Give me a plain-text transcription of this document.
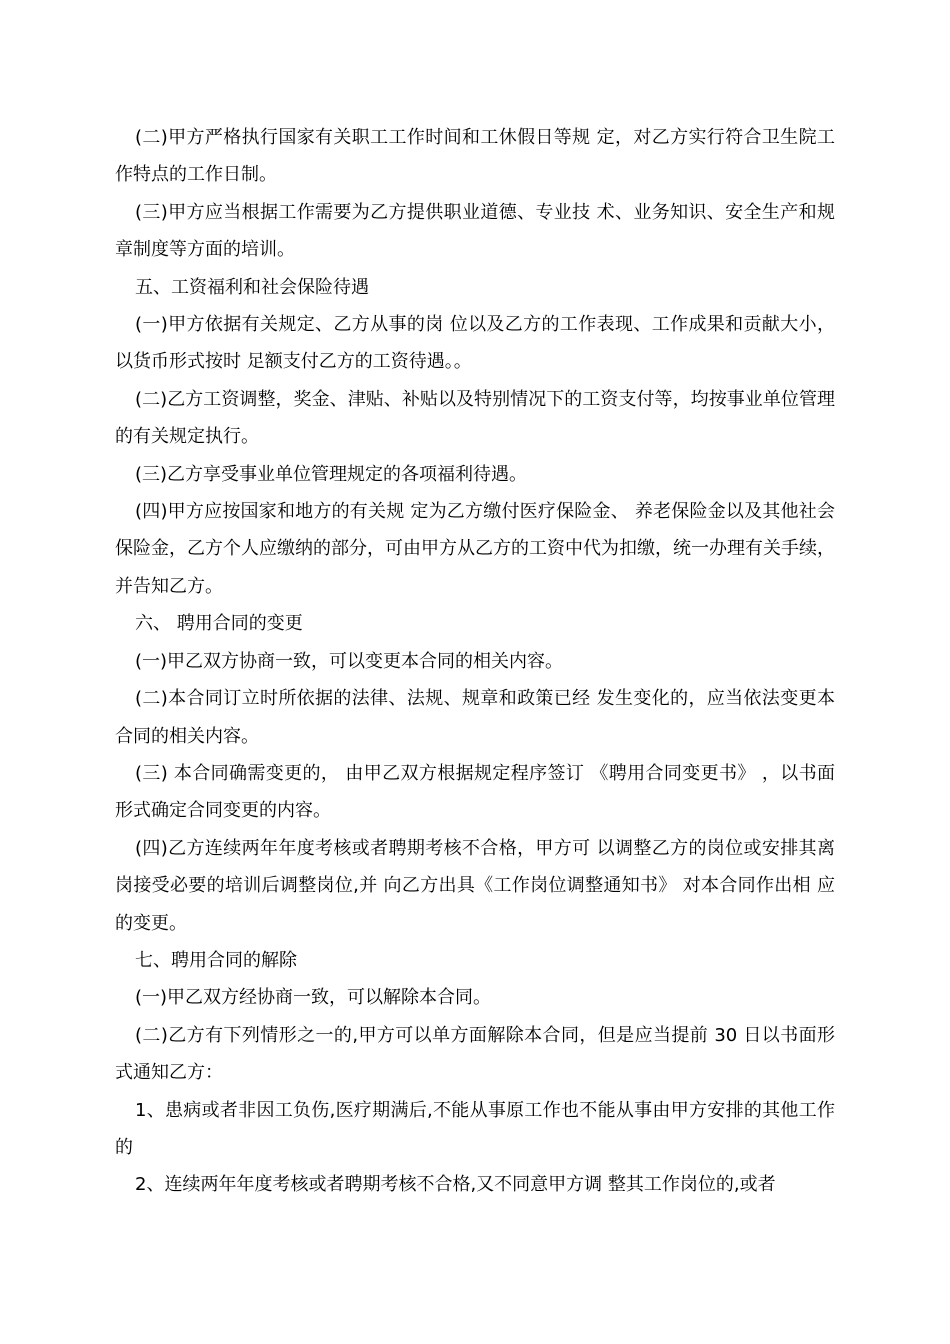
(二)甲方严格执行国家有关职工工作时间和工休假日等规 定，对乙方实行符合卫生院工作特点的工作日制。

(三)甲方应当根据工作需要为乙方提供职业道德、专业技 术、业务知识、安全生产和规章制度等方面的培训。

五、工资福利和社会保险待遇

(一)甲方依据有关规定、乙方从事的岗 位以及乙方的工作表现、工作成果和贡献大小，以货币形式按时 足额支付乙方的工资待遇。。

(二)乙方工资调整，奖金、津贴、补贴以及特别情况下的工资支付等，均按事业单位管理的有关规定执行。

(三)乙方享受事业单位管理规定的各项福利待遇。

(四)甲方应按国家和地方的有关规 定为乙方缴付医疗保险金、 养老保险金以及其他社会保险金，乙方个人应缴纳的部分，可由甲方从乙方的工资中代为扣缴，统一办理有关手续，并告知乙方。

六、 聘用合同的变更

(一)甲乙双方协商一致，可以变更本合同的相关内容。

(二)本合同订立时所依据的法律、法规、规章和政策已经 发生变化的，应当依法变更本合同的相关内容。

(三) 本合同确需变更的， 由甲乙双方根据规定程序签订 《聘用合同变更书》 ，以书面形式确定合同变更的内容。

(四)乙方连续两年年度考核或者聘期考核不合格，甲方可 以调整乙方的岗位或安排其离岗接受必要的培训后调整岗位,并 向乙方出具《工作岗位调整通知书》 对本合同作出相 应的变更。

七、聘用合同的解除

(一)甲乙双方经协商一致，可以解除本合同。

(二)乙方有下列情形之一的,甲方可以单方面解除本合同，但是应当提前 30 日以书面形式通知乙方：

1、患病或者非因工负伤,医疗期满后,不能从事原工作也不能从事由甲方安排的其他工作的

2、连续两年年度考核或者聘期考核不合格,又不同意甲方调 整其工作岗位的,或者
